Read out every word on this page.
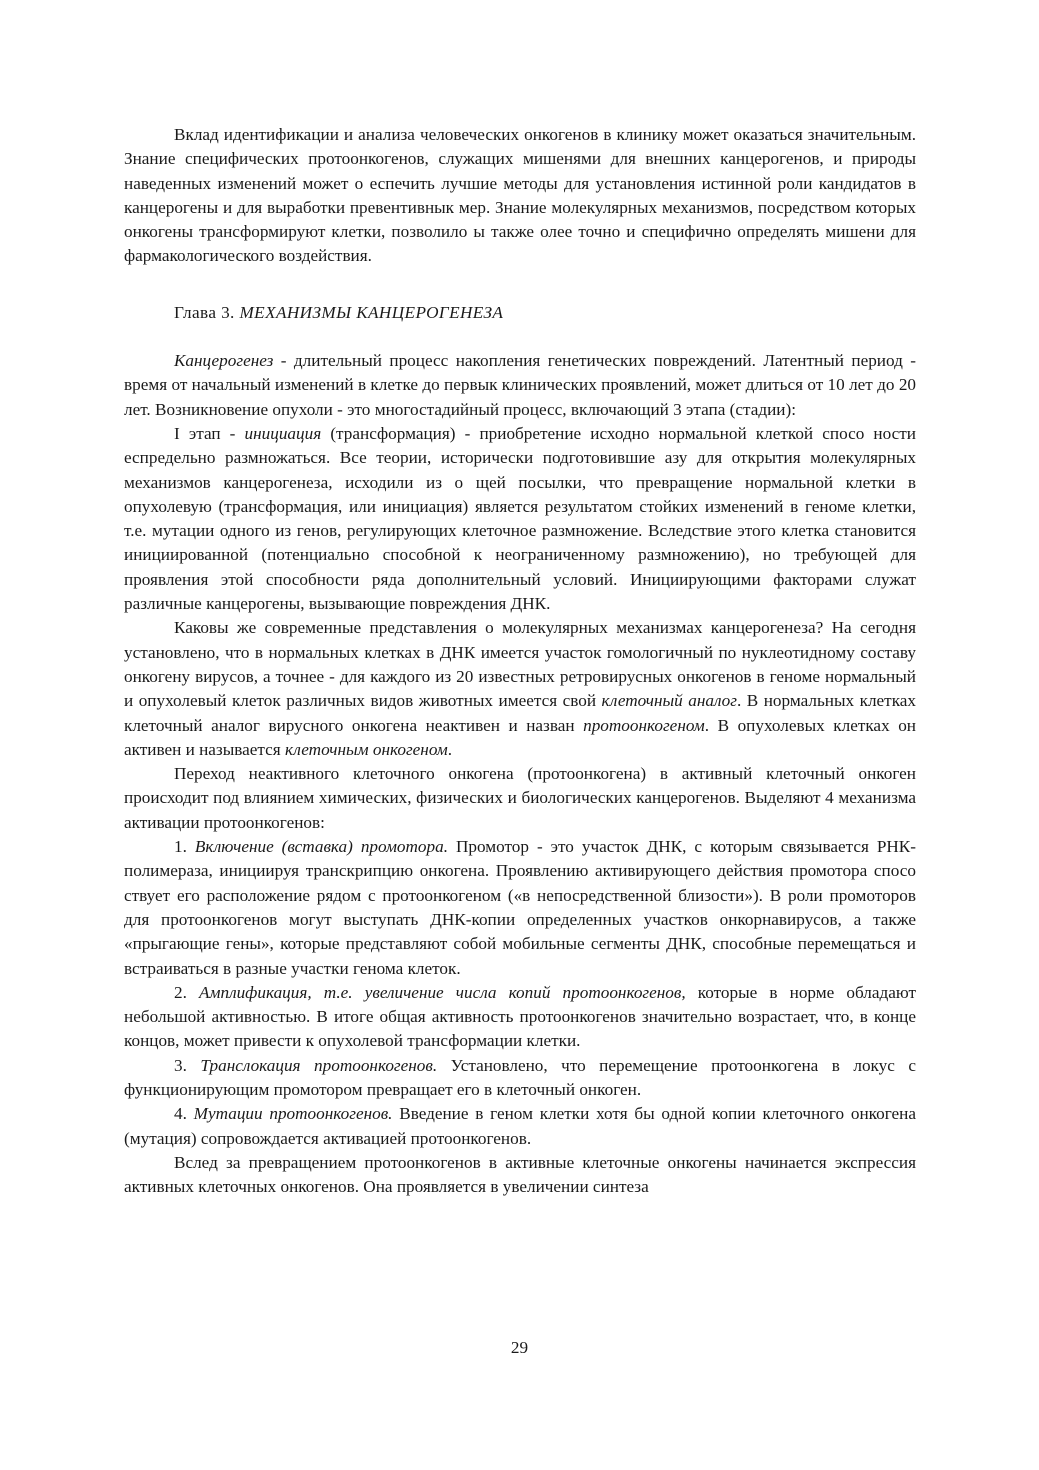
Вклад идентификации и анализа человеческих онкогенов в клинику может оказаться значительным. Знание специфических протоонкогенов, служащих мишенями для внешних канцерогенов, и природы наведенных изменений может о еспечить лучшие методы для установления истинной роли кандидатов в канцерогены и для выработки превентивнык мер. Знание молекулярных механизмов, посредством которых онкогены трансформируют клетки, позволило ы также олее точно и специфично определять мишени для фармакологического воздействия.

Глава 3. МЕХАНИЗМЫ КАНЦЕРОГЕНЕЗА

Канцерогенез - длительный процесс накопления генетических повреждений. Латентный период - время от начальный изменений в клетке до первык клинических проявлений, может длиться от 10 лет до 20 лет. Возникновение опухоли - это многостадийный процесс, включающий 3 этапа (стадии):

I этап - инициация (трансформация) - приобретение исходно нормальной клеткой спосо ности еспредельно размножаться. Все теории, исторически подготовившие азу для открытия молекулярных механизмов канцерогенеза, исходили из о щей посылки, что превращение нормальной клетки в опухолевую (трансформация, или инициация) является результатом стойких изменений в геноме клетки, т.е. мутации одного из генов, регулирующих клеточное размножение. Вследствие этого клетка становится инициированной (потенциально способной к неограниченному размножению), но требующей для проявления этой способности ряда дополнительный условий. Инициирующими факторами служат различные канцерогены, вызывающие повреждения ДНК.

Каковы же современные представления о молекулярных механизмах канцерогенеза? На сегодня установлено, что в нормальных клетках в ДНК имеется участок гомологичный по нуклеотидному составу онкогену вирусов, а точнее - для каждого из 20 известных ретровирусных онкогенов в геноме нормальный и опухолевый клеток различных видов животных имеется свой клеточный аналог. В нормальных клетках клеточный аналог вирусного онкогена неактивен и назван протоонкогеном. В опухолевых клетках он активен и называется клеточным онкогеном.

Переход неактивного клеточного онкогена (протоонкогена) в активный клеточный онкоген происходит под влиянием химических, физических и биологических канцерогенов. Выделяют 4 механизма активации протоонкогенов:

1. Включение (вставка) промотора. Промотор - это участок ДНК, с которым связывается РНК-полимераза, инициируя транскрипцию онкогена. Проявлению активирующего действия промотора спосо ствует его расположение рядом с протоонкогеном («в непосредственной близости»). В роли промоторов для протоонкогенов могут выступать ДНК-копии определенных участков онкорнавирусов, а также «прыгающие гены», которые представляют собой мобильные сегменты ДНК, способные перемещаться и встраиваться в разные участки генома клеток.

2. Амплификация, т.е. увеличение числа копий протоонкогенов, которые в норме обладают небольшой активностью. В итоге общая активность протоонкогенов значительно возрастает, что, в конце концов, может привести к опухолевой трансформации клетки.

3. Транслокация протоонкогенов. Установлено, что перемещение протоонкогена в локус с функционирующим промотором превращает его в клеточный онкоген.

4. Мутации протоонкогенов. Введение в геном клетки хотя бы одной копии клеточного онкогена (мутация) сопровождается активацией протоонкогенов.

Вслед за превращением протоонкогенов в активные клеточные онкогены начинается экспрессия активных клеточных онкогенов. Она проявляется в увеличении синтеза

29
